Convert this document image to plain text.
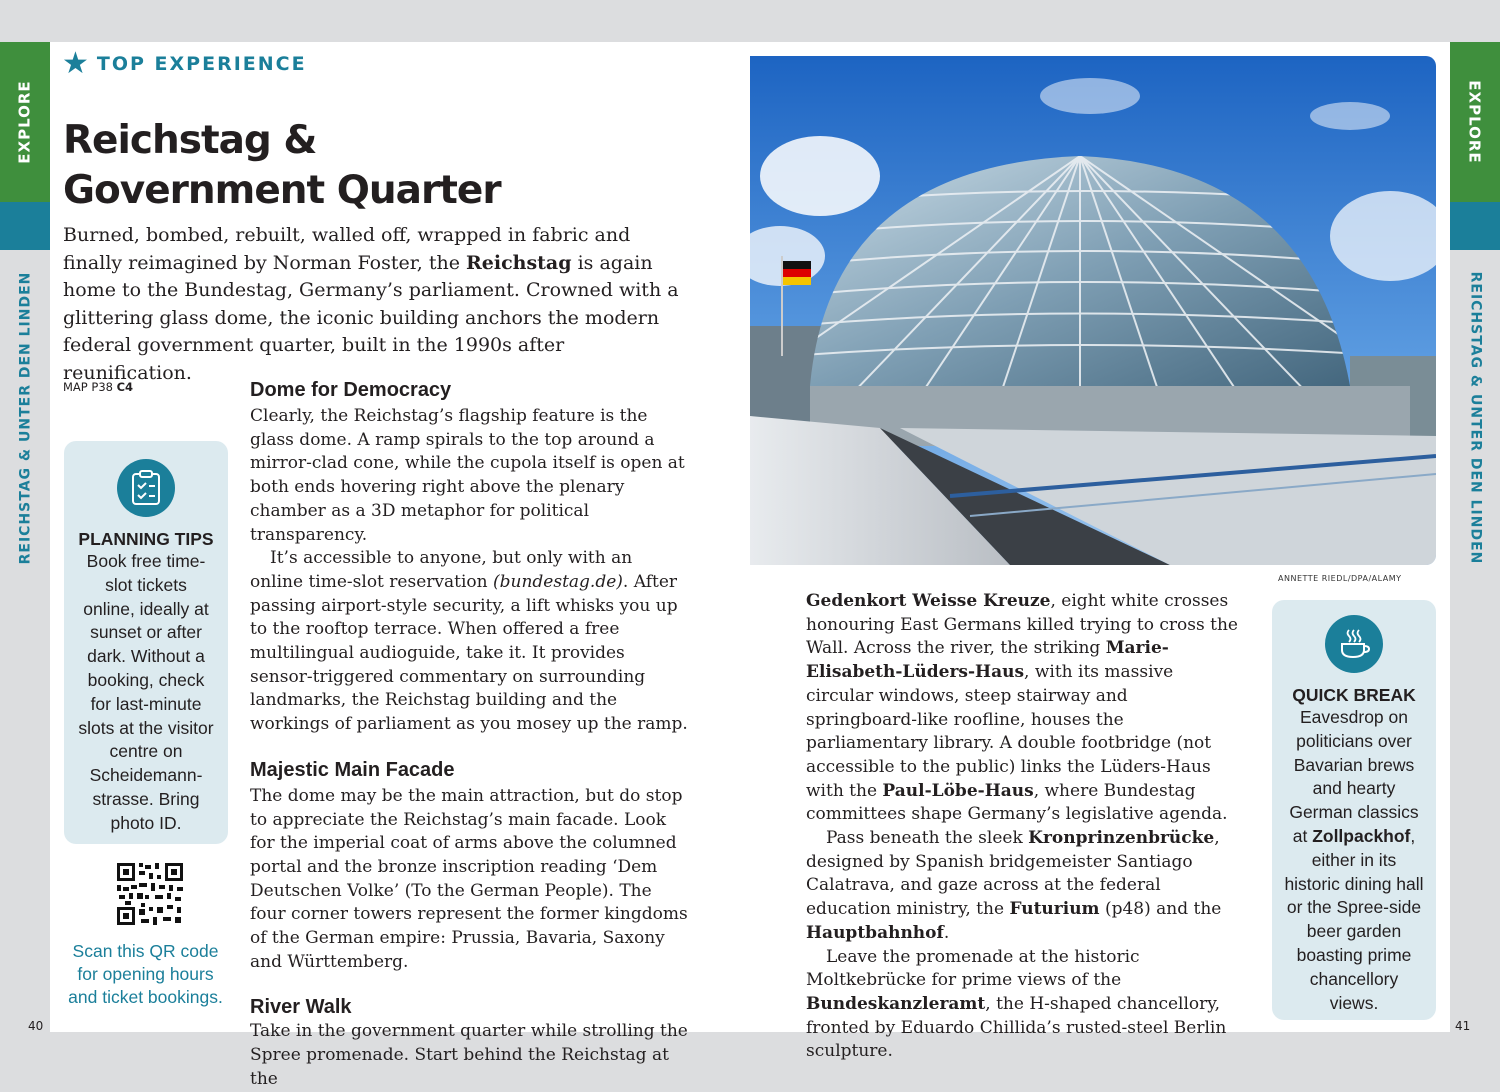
EXPLORE	EXPLORE
REICHSTAG & UNTER DEN LINDEN	REICHSTAG & UNTER DEN LINDEN
40	41
★ TOP EXPERIENCE
Reichstag &
Government Quarter

Burned, bombed, rebuilt, walled off, wrapped in fabric and finally reimagined by Norman Foster, the Reichstag is again home to the Bundestag, Germany’s parliament. Crowned with a glittering glass dome, the iconic building anchors the modern federal government quarter, built in the 1990s after reunification.

MAP P38 C4
PLANNING TIPS
Book free time-slot tickets online, ideally at sunset or after dark. Without a booking, check for last-minute slots at the visitor centre on Scheidemann-strasse. Bring photo ID.
Scan this QR code for opening hours and ticket bookings.
Dome for Democracy

Clearly, the Reichstag’s flagship feature is the glass dome. A ramp spirals to the top around a mirror-clad cone, while the cupola itself is open at both ends hovering right above the plenary chamber as a 3D metaphor for political transparency.

It’s accessible to anyone, but only with an online time-slot reservation (bundestag.de). After passing airport-style security, a lift whisks you up to the rooftop terrace. When offered a free multilingual audioguide, take it. It provides sensor-triggered commentary on surrounding landmarks, the Reichstag building and the workings of parliament as you mosey up the ramp.

Majestic Main Facade

The dome may be the main attraction, but do stop to appreciate the Reichstag’s main facade. Look for the imperial coat of arms above the columned portal and the bronze inscription reading ‘Dem Deutschen Volke’ (To the German People). The four corner towers represent the former kingdoms of the German empire: Prussia, Bavaria, Saxony and Württemberg.

River Walk

Take in the government quarter while strolling the Spree promenade. Start behind the Reichstag at the

ANNETTE RIEDL/DPA/ALAMY

Gedenkort Weisse Kreuze, eight white crosses honouring East Germans killed trying to cross the Wall. Across the river, the striking Marie-Elisabeth-Lüders-Haus, with its massive circular windows, steep stairway and springboard-like roofline, houses the parliamentary library. A double footbridge (not accessible to the public) links the Lüders-Haus with the Paul-Löbe-Haus, where Bundestag committees shape Germany’s legislative agenda.

Pass beneath the sleek Kronprinzenbrücke, designed by Spanish bridgemeister Santiago Calatrava, and gaze across at the federal education ministry, the Futurium (p48) and the Hauptbahnhof.

Leave the promenade at the historic Moltkebrücke for prime views of the Bundeskanzleramt, the H-shaped chancellory, fronted by Eduardo Chillida’s rusted-steel Berlin sculpture.

QUICK BREAK
Eavesdrop on politicians over Bavarian brews and hearty German classics at Zollpackhof, either in its historic dining hall or the Spree-side beer garden boasting prime chancellory views.
